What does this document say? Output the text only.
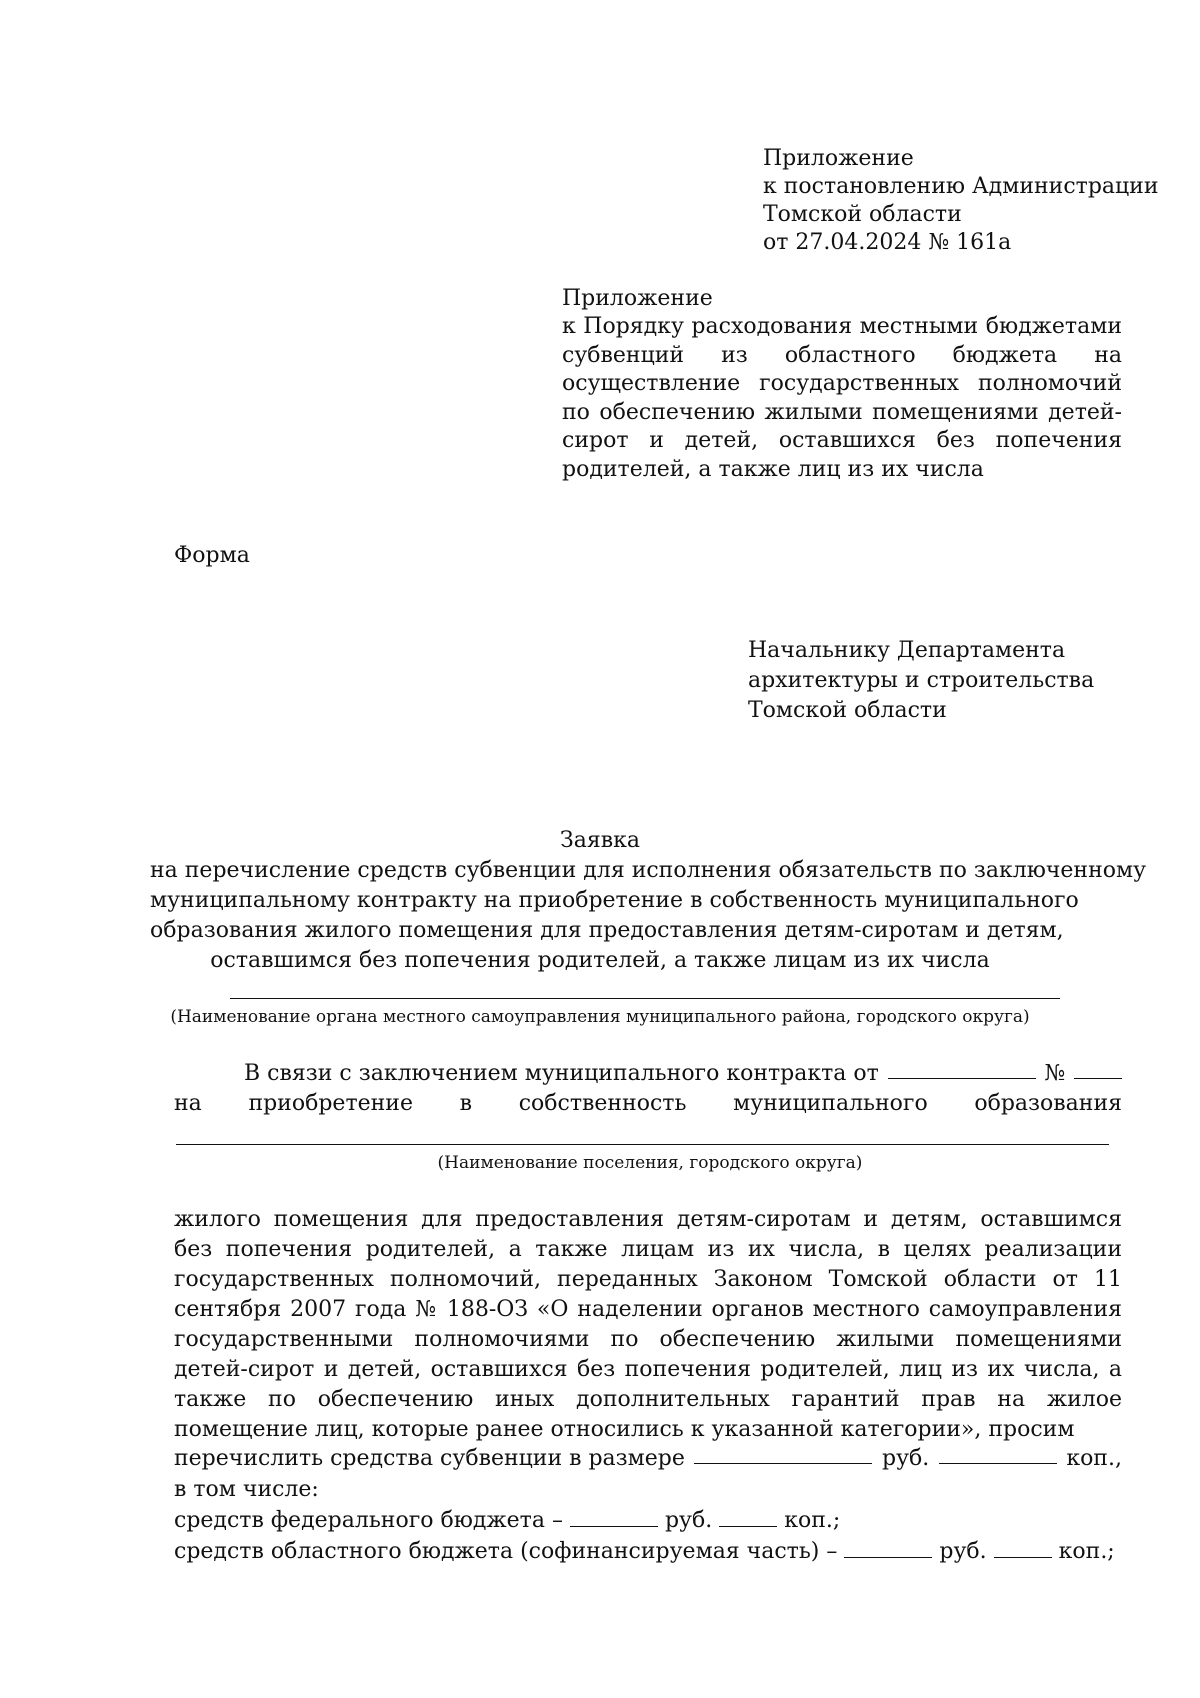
Приложение
к постановлению Администрации
Томской области
от 27.04.2024 № 161а
Приложение
к Порядку расходования местными бюджетами субвенций из областного бюджета на осуществление государственных полномочий по обеспечению жилыми помещениями детей-сирот и детей, оставшихся без попечения родителей, а также лиц из их числа
Форма
Начальнику Департамента
архитектуры и строительства
Томской области
Заявка
на перечисление средств субвенции для исполнения обязательств по заключенному
муниципальному контракту на приобретение в собственность муниципального
образования жилого помещения для предоставления детям-сиротам и детям,
оставшимся без попечения родителей, а также лицам из их числа
(Наименование органа местного самоуправления муниципального района, городского округа)
В связи с заключением муниципального контракта от	№
на приобретение в собственность муниципального образования
(Наименование поселения, городского округа)
жилого помещения для предоставления детям-сиротам и детям, оставшимся без попечения родителей, а также лицам из их числа, в целях реализации государственных полномочий, переданных Законом Томской области от 11 сентября 2007 года № 188-ОЗ «О наделении органов местного самоуправления государственными полномочиями по обеспечению жилыми помещениями детей-сирот и детей, оставшихся без попечения родителей, лиц из их числа, а также по обеспечению иных дополнительных гарантий прав на жилое помещение лиц, которые ранее относились к указанной категории», просим
перечислить средства субвенции в размере	руб.	коп.,
в том числе:
средств федерального бюджета –	руб.	коп.;
средств областного бюджета (софинансируемая часть) –	руб.	коп.;
